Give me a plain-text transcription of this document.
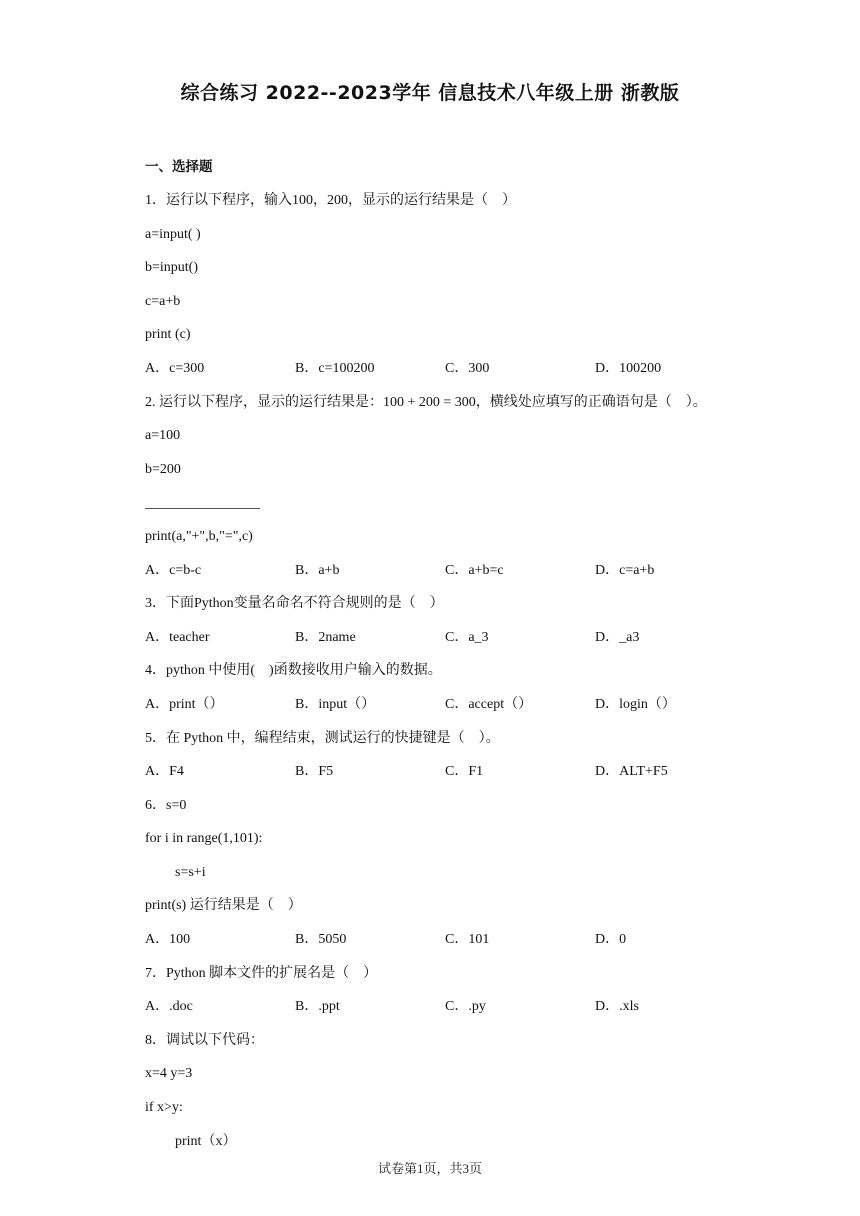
综合练习 2022--2023学年 信息技术八年级上册 浙教版
一、选择题
1．运行以下程序，输入100，200，显示的运行结果是（　）
a=input( )
b=input()
c=a+b
print (c)
A．c=300	B．c=100200	C．300	D．100200
2. 运行以下程序，显示的运行结果是：100 + 200 = 300，横线处应填写的正确语句是（　）。
a=100
b=200
print(a,"+",b,"=",c)
A．c=b-c	B．a+b	C．a+b=c	D．c=a+b
3．下面Python变量名命名不符合规则的是（　）
A．teacher	B．2name	C．a_3	D．_a3
4．python 中使用(　)函数接收用户输入的数据。
A．print（）	B．input（）	C．accept（）	D．login（）
5．在 Python 中，编程结束，测试运行的快捷键是（　）。
A．F4	B．F5	C．F1	D．ALT+F5
6．s=0
for i in range(1,101):
s=s+i
print(s) 运行结果是（　）
A．100	B．5050	C．101	D．0
7．Python 脚本文件的扩展名是（　）
A．.doc	B．.ppt	C．.py	D．.xls
8．调试以下代码：
x=4 y=3
if x>y:
print（x）
试卷第1页，共3页
